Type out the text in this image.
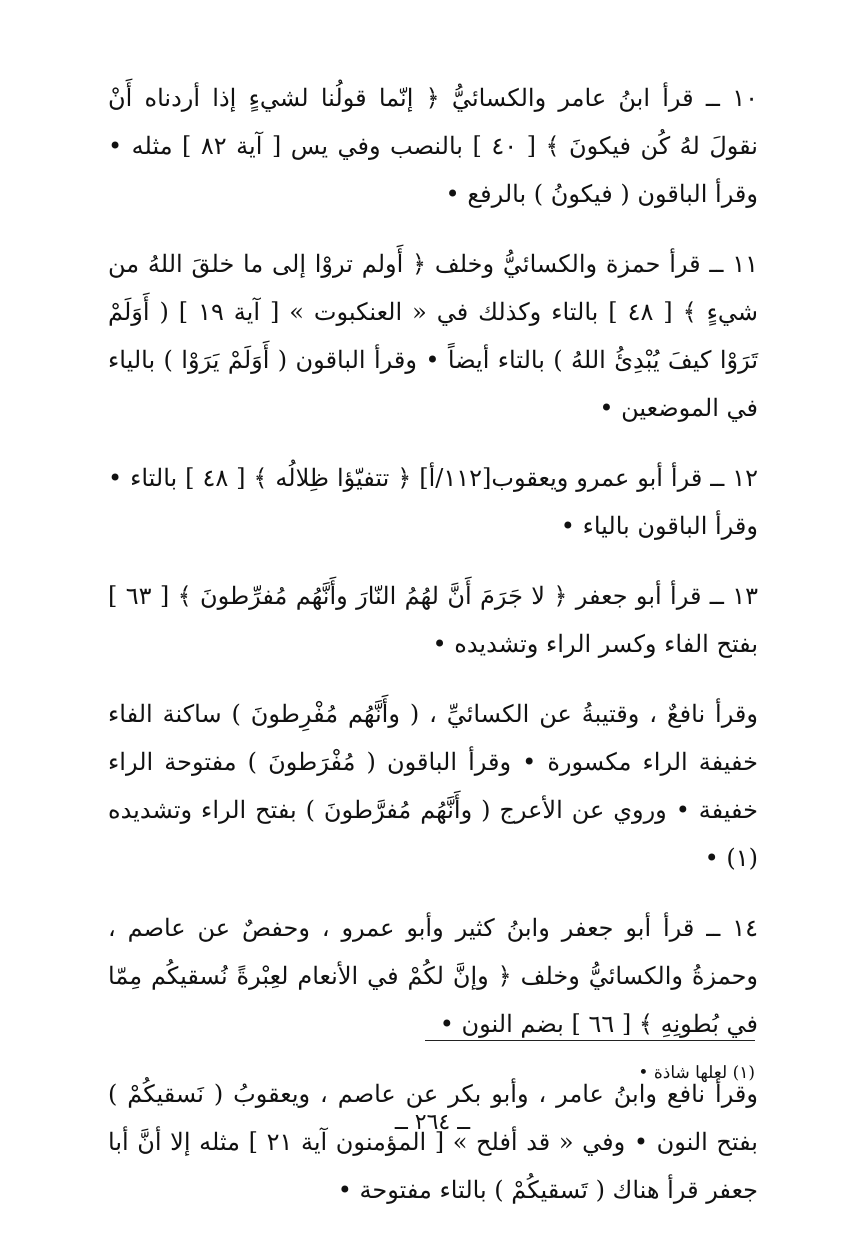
١٠ ــ قرأ ابنُ عامر والكسائيُّ ﴿ إنّما قولُنا لشيءٍ إذا أردناه أَنْ نقولَ لهُ كُن فيكونَ ﴾ [ ٤٠ ] بالنصب وفي يس [ آية ٨٢ ] مثله • وقرأ الباقون ( فيكونُ ) بالرفع •

١١ ــ قرأ حمزة والكسائيُّ وخلف ﴿ أَولم تروْا إلى ما خلقَ اللهُ من شيءٍ ﴾ [ ٤٨ ] بالتاء وكذلك في « العنكبوت » [ آية ١٩ ] ( أَوَلَمْ تَرَوْا كيفَ يُبْدِئُ اللهُ ) بالتاء أيضاً • وقرأ الباقون ( أَوَلَمْ يَرَوْا ) بالياء في الموضعين •

١٢ ــ قرأ أبو عمرو ويعقوب[١١٢/أ] ﴿ تتفيّؤا ظِلالُه ﴾ [ ٤٨ ] بالتاء • وقرأ الباقون بالياء •

١٣ ــ قرأ أبو جعفر ﴿ لا جَرَمَ أَنَّ لهُمُ النّارَ وأَنَّهُم مُفرِّطونَ ﴾ [ ٦٣ ] بفتح الفاء وكسر الراء وتشديده •

وقرأ نافعٌ ، وقتيبةُ عن الكسائيِّ ، ( وأَنَّهُم مُفْرِطونَ ) ساكنة الفاء خفيفة الراء مكسورة • وقرأ الباقون ( مُفْرَطونَ ) مفتوحة الراء خفيفة • وروي عن الأعرج ( وأَنَّهُم مُفرَّطونَ ) بفتح الراء وتشديده (١) •

١٤ ــ قرأ أبو جعفر وابنُ كثير وأبو عمرو ، وحفصٌ عن عاصم ، وحمزةُ والكسائيُّ وخلف ﴿ وإنَّ لكُمْ في الأنعام لعِبْرةً نُسقيكُم مِمّا في بُطونِهِ ﴾ [ ٦٦ ] بضم النون •

وقرأ نافع وابنُ عامر ، وأبو بكر عن عاصم ، ويعقوبُ ( نَسقيكُمْ ) بفتح النون • وفي « قد أفلح » [ المؤمنون آية ٢١ ] مثله إلا أنَّ أبا جعفر قرأ هناك ( تَسقيكُمْ ) بالتاء مفتوحة •

(١) لعلها شاذة •
ــ ٢٦٤ ــ
